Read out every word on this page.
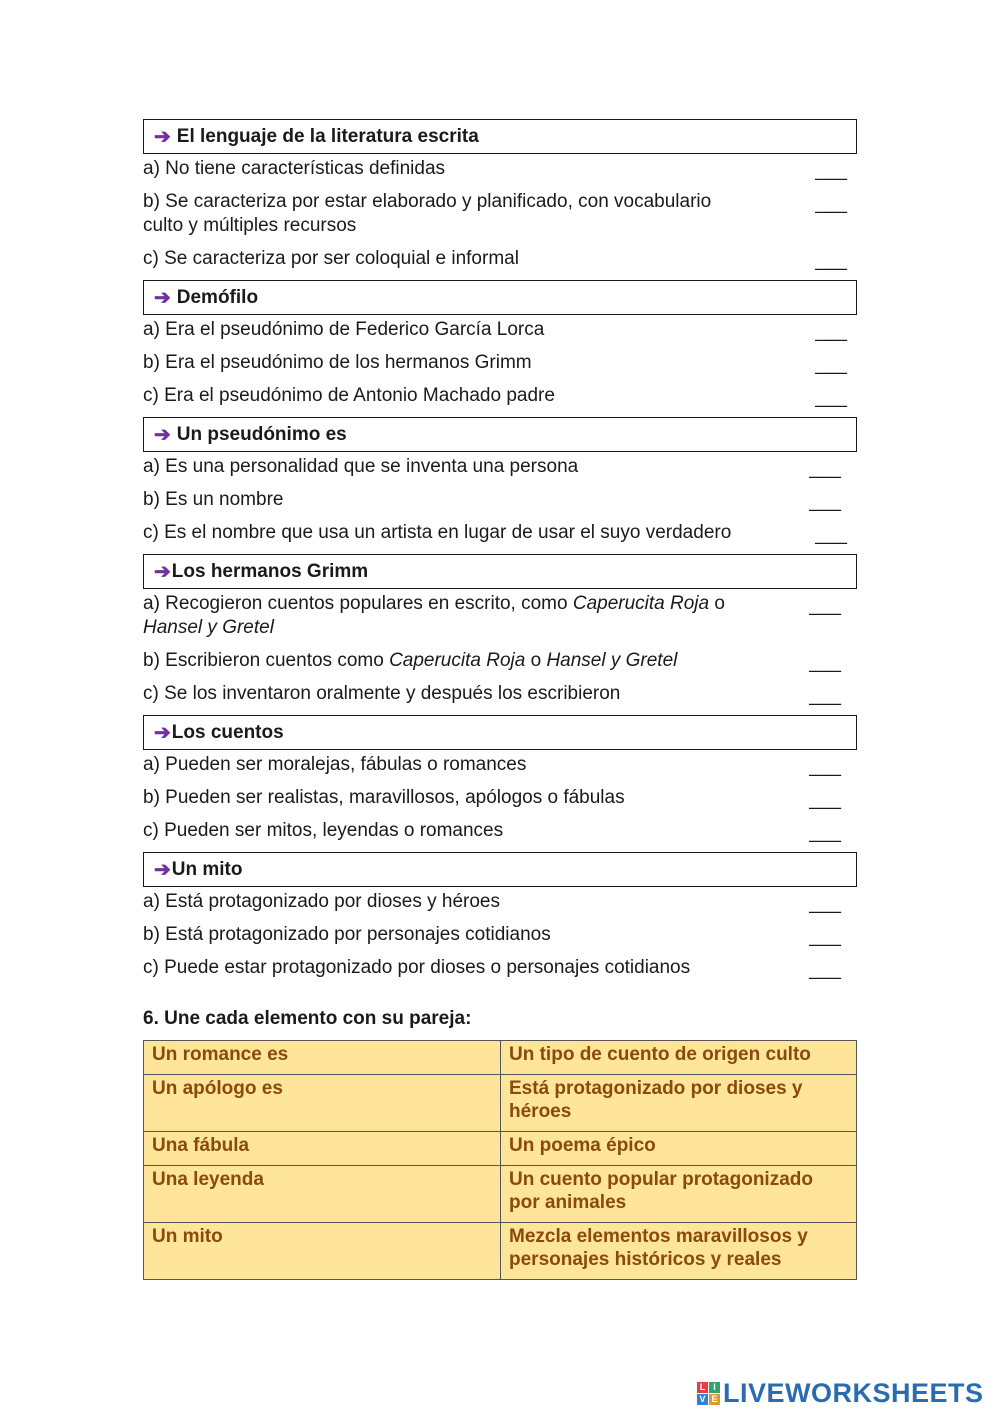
➔ El lenguaje de la literatura escrita
a) No tiene características definidas	___
b) Se caracteriza por estar elaborado y planificado, con vocabulario culto y múltiples recursos
___
c) Se caracteriza por ser coloquial e informal	___
➔ Demófilo
a) Era el pseudónimo de Federico García Lorca	___
b) Era el pseudónimo de los hermanos Grimm	___
c) Era el pseudónimo de Antonio Machado padre	___
➔ Un pseudónimo es
a) Es una personalidad que se inventa una persona	___
b) Es un nombre	___
c) Es el nombre que usa un artista en lugar de usar el suyo verdadero	___
➔ Los hermanos Grimm
a) Recogieron cuentos populares en escrito, como Caperucita Roja o Hansel y Gretel
___
b) Escribieron cuentos como Caperucita Roja o Hansel y Gretel	___
c) Se los inventaron oralmente y después los escribieron	___
➔ Los cuentos
a) Pueden ser moralejas, fábulas o romances	___
b) Pueden ser realistas, maravillosos, apólogos o fábulas	___
c) Pueden ser mitos, leyendas o romances	___
➔ Un mito
a) Está protagonizado por dioses y héroes	___
b) Está protagonizado por personajes cotidianos	___
c) Puede estar protagonizado por dioses o personajes cotidianos	___
6. Une cada elemento con su pareja:
Un romance es	Un tipo de cuento de origen culto
Un apólogo es	Está protagonizado por dioses y héroes
Una fábula	Un poema épico
Una leyenda	Un cuento popular protagonizado por animales
Un mito	Mezcla elementos maravillosos y personajes históricos y reales
L I
V E LIVEWORKSHEETS
